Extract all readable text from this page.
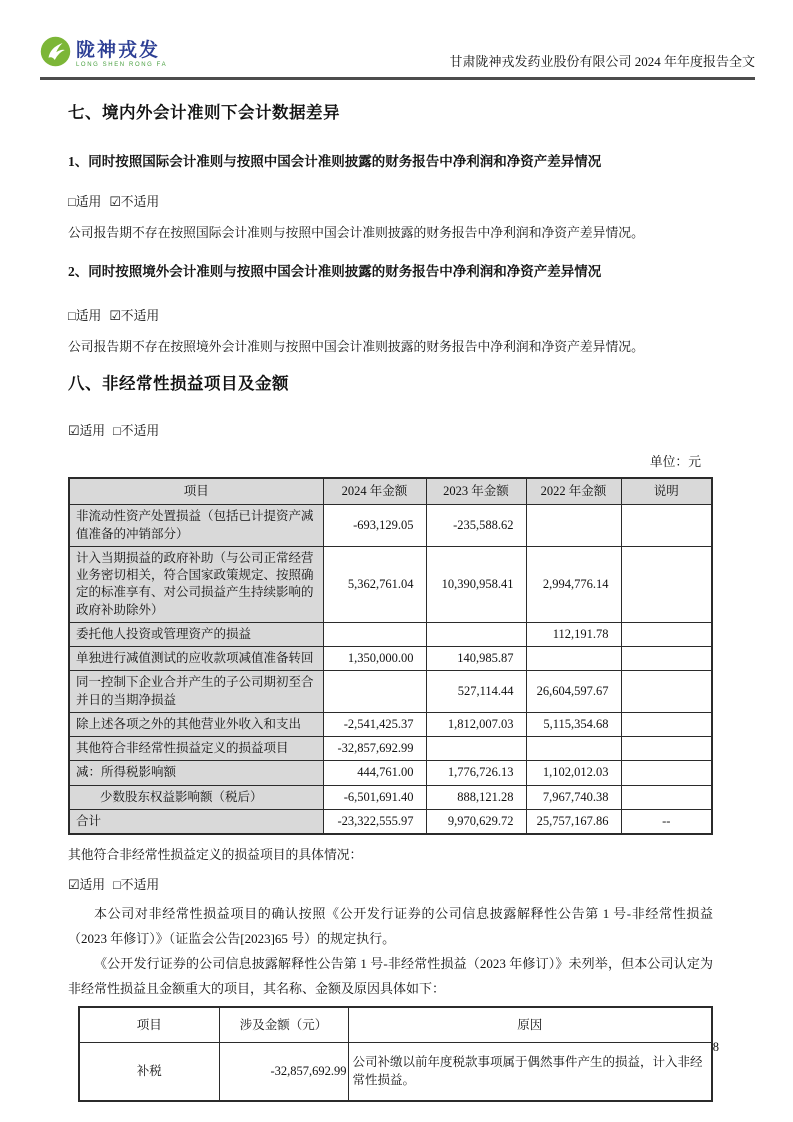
陇神戎发
LONG SHEN RONG FA	甘肃陇神戎发药业股份有限公司 2024 年年度报告全文
七、境内外会计准则下会计数据差异
1、同时按照国际会计准则与按照中国会计准则披露的财务报告中净利润和净资产差异情况
□适用 ☑不适用
公司报告期不存在按照国际会计准则与按照中国会计准则披露的财务报告中净利润和净资产差异情况。
2、同时按照境外会计准则与按照中国会计准则披露的财务报告中净利润和净资产差异情况
□适用 ☑不适用
公司报告期不存在按照境外会计准则与按照中国会计准则披露的财务报告中净利润和净资产差异情况。
八、非经常性损益项目及金额
☑适用 □不适用
单位：元
项目	2024 年金额	2023 年金额	2022 年金额	说明
非流动性资产处置损益（包括已计提资产减值准备的冲销部分）	-693,129.05	-235,588.62		
计入当期损益的政府补助（与公司正常经营业务密切相关，符合国家政策规定、按照确定的标准享有、对公司损益产生持续影响的政府补助除外）	5,362,761.04	10,390,958.41	2,994,776.14	
委托他人投资或管理资产的损益			112,191.78	
单独进行减值测试的应收款项减值准备转回	1,350,000.00	140,985.87		
同一控制下企业合并产生的子公司期初至合并日的当期净损益		527,114.44	26,604,597.67	
除上述各项之外的其他营业外收入和支出	-2,541,425.37	1,812,007.03	5,115,354.68	
其他符合非经常性损益定义的损益项目	-32,857,692.99			
减：所得税影响额	444,761.00	1,776,726.13	1,102,012.03	
少数股东权益影响额（税后）	-6,501,691.40	888,121.28	7,967,740.38	
合计	-23,322,555.97	9,970,629.72	25,757,167.86	--
其他符合非经常性损益定义的损益项目的具体情况：
☑适用 □不适用

本公司对非经常性损益项目的确认按照《公开发行证券的公司信息披露解释性公告第 1 号-非经常性损益（2023 年修订）》（证监会公告[2023]65 号）的规定执行。

《公开发行证券的公司信息披露解释性公告第 1 号-非经常性损益（2023 年修订）》未列举，但本公司认定为非经常性损益且金额重大的项目，其名称、金额及原因具体如下：

项目	涉及金额（元）	原因
补税	-32,857,692.99	公司补缴以前年度税款事项属于偶然事件产生的损益，计入非经常性损益。
8
